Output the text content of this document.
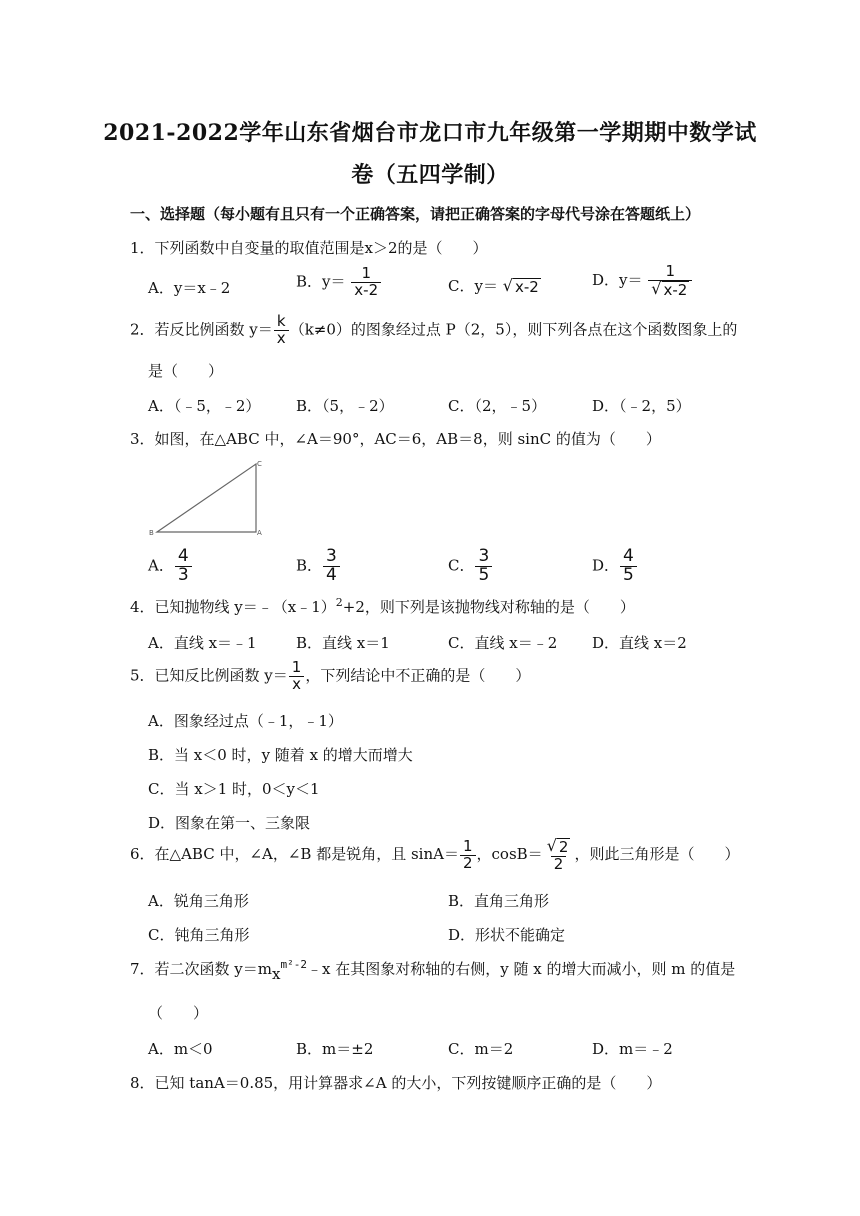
2021-2022学年山东省烟台市龙口市九年级第一学期期中数学试
卷（五四学制）
一、选择题（每小题有且只有一个正确答案，请把正确答案的字母代号涂在答题纸上）
1．下列函数中自变量的取值范围是x＞2的是（　　）
A．y＝x﹣2	B．$y= \frac{1}{x-2}$	C．y＝ √ x-2	D．$y= \frac{1}{√ x-2}$
2．若反比例函数 $y= \frac{k}{x} (k\ne 0)$的图象经过点 P（2，5），则下列各点在这个函数图象上的
是（　　）
A．（﹣5，﹣2） B．（5，﹣2）	C．（2，﹣5）	D．（﹣2，5）
3．如图，在△ABC 中，∠A＝90°，AC＝6，AB＝8，则 sinC 的值为（　　）
C
B	A
A． $\frac{4}{3}$	B． $\frac{3}{4}$	C． $\frac{3}{5}$	D． $\frac{4}{5}$
4．已知抛物线 y＝﹣（x﹣1）$^2$+2，则下列是该抛物线对称轴的是（　　）
A．直线 x＝﹣1	B．直线 x＝1	C．直线 x＝﹣2 D．直线 x＝2
5．已知反比例函数 $y= \frac{1}{x}$ ，下列结论中不正确的是（　　）
A．图象经过点（﹣1，﹣1）
B．当 x＜0 时，y 随着 x 的增大而增大
C．当 x＞1 时，0＜y＜1
D．图象在第一、三象限
6．在△ABC 中，∠A，∠B 都是锐角，且 $\sin A= \frac{1}{2}$ ，$\cos B= \frac{√ 2}{2}$ ，则此三角形是（　　）
A．锐角三角形	B．直角三角形
C．钝角三角形	D．形状不能确定
7．若二次函数 $y=mx^{m^2-2}﹣x$ 在其图象对称轴的右侧，y 随 x 的增大而减小，则 m 的值是
（　　）
A．m＜0	B．m＝±2	C．m＝2	D．m＝﹣2
8．已知 tanA＝0.85，用计算器求∠A 的大小，下列按键顺序正确的是（　　）
